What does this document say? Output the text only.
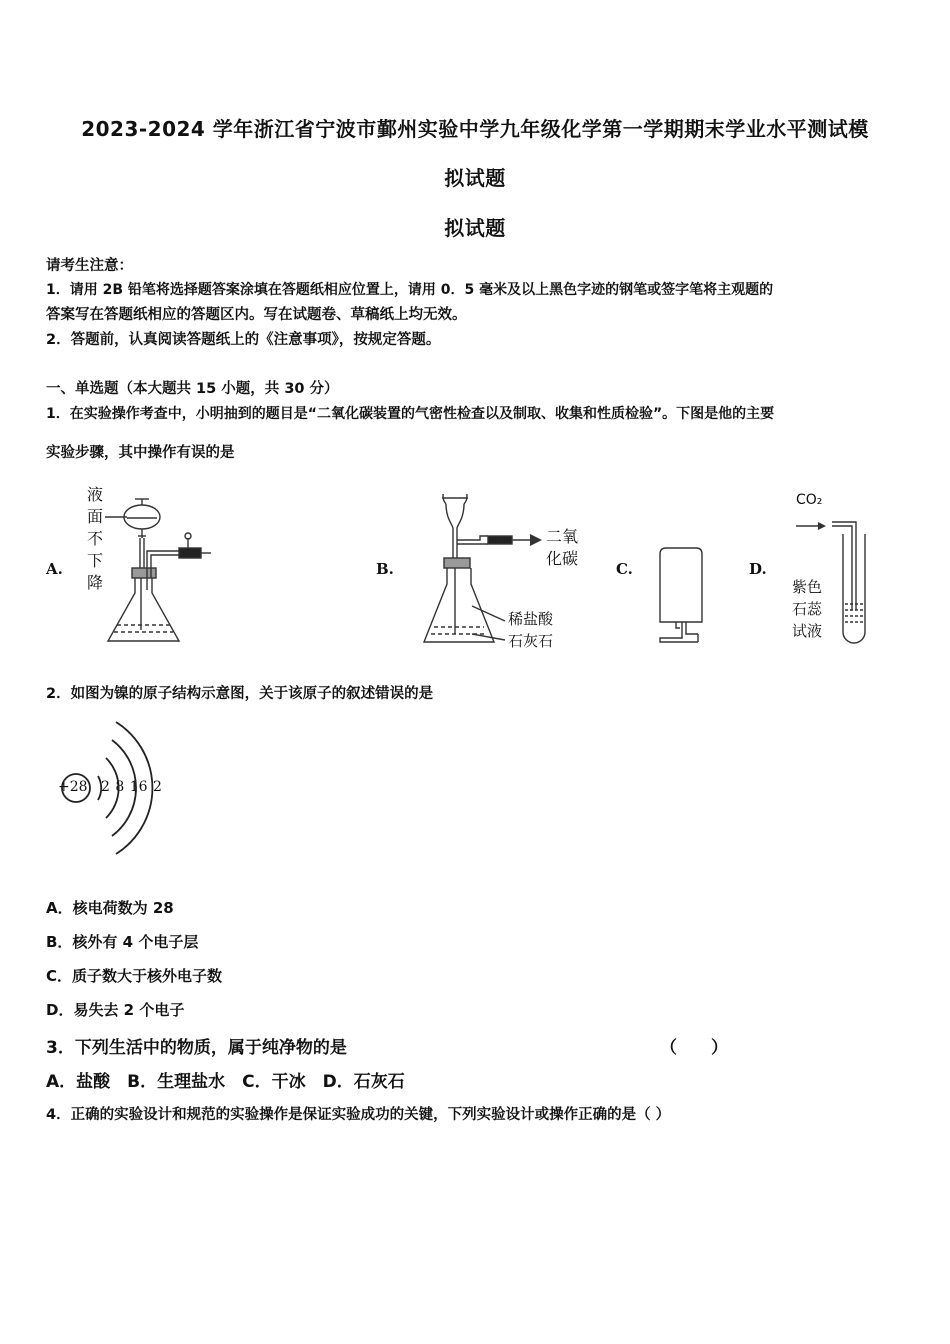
2023-2024 学年浙江省宁波市鄞州实验中学九年级化学第一学期期末学业水平测试模
拟试题
拟试题
请考生注意：
1．请用 2B 铅笔将选择题答案涂填在答题纸相应位置上，请用 0．5 毫米及以上黑色字迹的钢笔或签字笔将主观题的
答案写在答题纸相应的答题区内。写在试题卷、草稿纸上均无效。
2．答题前，认真阅读答题纸上的《注意事项》，按规定答题。
一、单选题（本大题共 15 小题，共 30 分）
1．在实验操作考查中，小明抽到的题目是“二氧化碳装置的气密性检查以及制取、收集和性质检验”。下图是他的主要
实验步骤，其中操作有误的是
A.	B.	C.	D.
液
面
不
下
降
二氧
化碳
稀盐酸
石灰石
CO₂
紫色
石蕊
试液
2．如图为镍的原子结构示意图，关于该原子的叙述错误的是
+28 2 8 16 2
A．核电荷数为 28
B．核外有 4 个电子层
C．质子数大于核外电子数
D．易失去 2 个电子
3．下列生活中的物质，属于纯净物的是	（　　）
A．盐酸　B．生理盐水　C．干冰　D．石灰石
4．正确的实验设计和规范的实验操作是保证实验成功的关键，下列实验设计或操作正确的是（ ）
